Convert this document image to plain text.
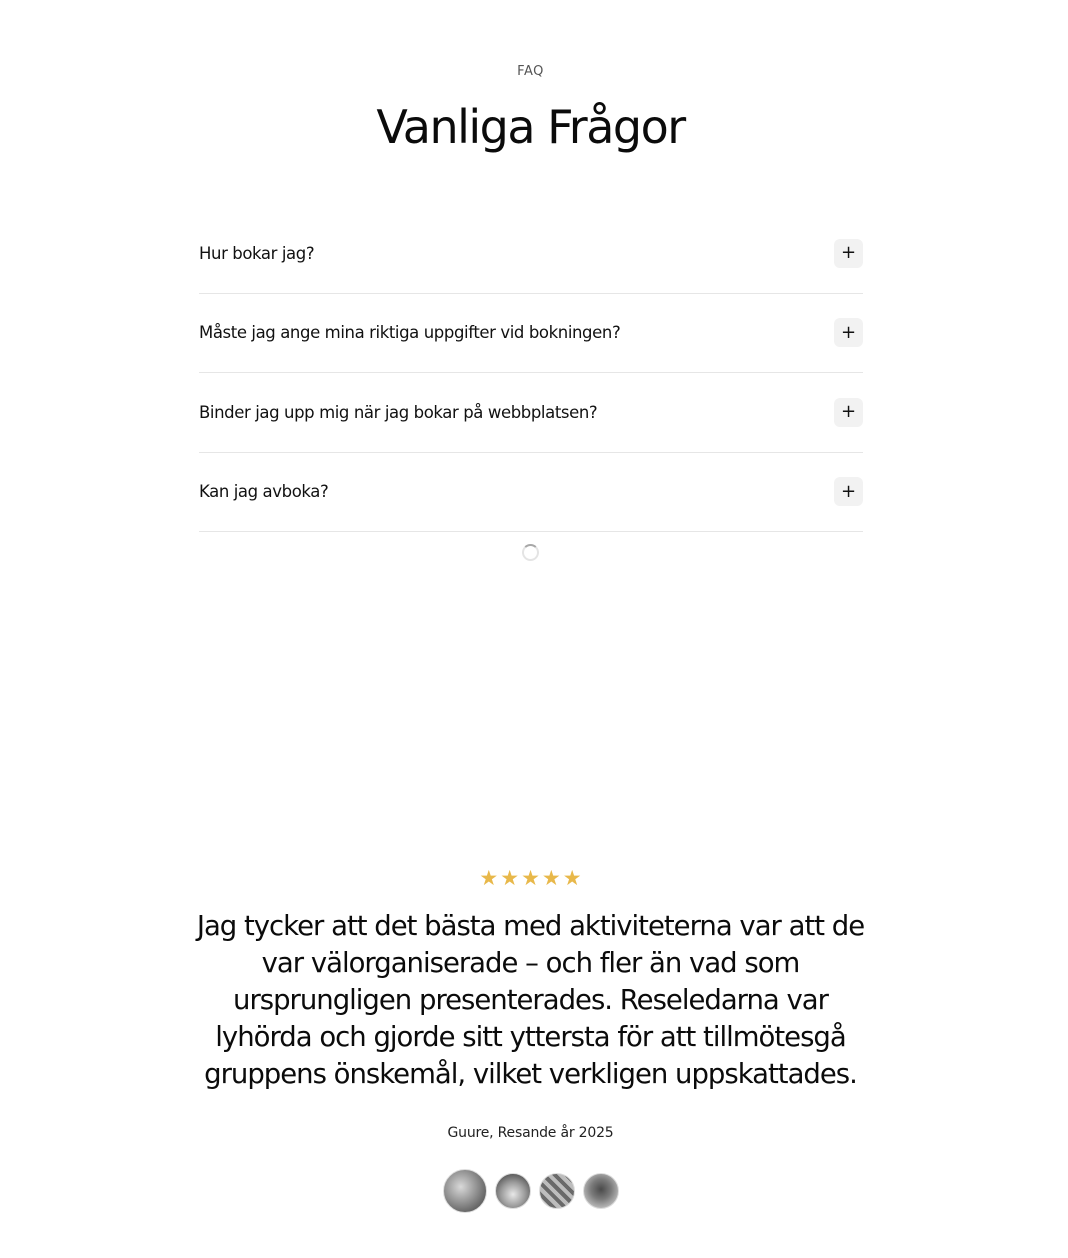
FAQ
Vanliga Frågor
Hur bokar jag?	+
Måste jag ange mina riktiga uppgifter vid bokningen?	+
Binder jag upp mig när jag bokar på webbplatsen?	+
Kan jag avboka?	+
★ ★ ★ ★ ★

Jag tycker att det bästa med aktiviteterna var att de var välorganiserade – och fler än vad som ursprungligen presenterades. Reseledarna var lyhörda och gjorde sitt yttersta för att tillmötesgå gruppens önskemål, vilket verkligen uppskattades.

Guure, Resande år 2025
